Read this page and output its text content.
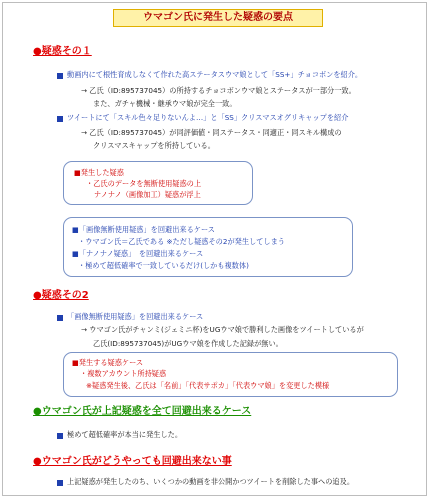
ウマゴン氏に発生した疑惑の要点
●疑惑その１
動画内にて根性育成しなくて作れた高ステータスウマ娘として「SS+」チョコボンを紹介。
→ 乙氏（ID:895737045）の所持するチョコボンウマ娘とステータスが一部分一致。
また、ガチャ機械・継承ウマ娘が完全一致。
ツイートにて「スキル色々足りないんよ…」と「SS」クリスマスオグリキャップを紹介
→ 乙氏（ID:895737045）が同評価値・同ステータス・同適正・同スキル構成の
クリスマスキャップを所持している。
■発生した疑惑
・乙氏のデータを無断使用疑惑の上
ナノナノ（画像加工）疑惑が浮上
■「画像無断使用疑惑」を回避出来るケース
・ウマゴン氏＝乙氏である ※ただし疑惑その2が発生してしまう
■「ナノナノ疑惑」　を回避出来るケース
・極めて超低確率で一致しているだけ(しかも複数体)
●疑惑その2
「画像無断使用疑惑」を回避出来るケース
→ ウマゴン氏がチャンミ(ジェミニ杯)をUGウマ娘で勝利した画像をツイートしているが
乙氏(ID:895737045)がUGウマ娘を作成した記録が無い。
■発生する疑惑ケース
・複数アカウント所持疑惑
※疑惑発生後、乙氏は「名前」「代表サポカ」「代表ウマ娘」を変更した模様
●ウマゴン氏が上記疑惑を全て回避出来るケース
極めて超低確率が本当に発生した。
●ウマゴン氏がどうやっても回避出来ない事
上記疑惑が発生したのち、いくつかの動画を非公開かつツイートを削除した事への追及。
